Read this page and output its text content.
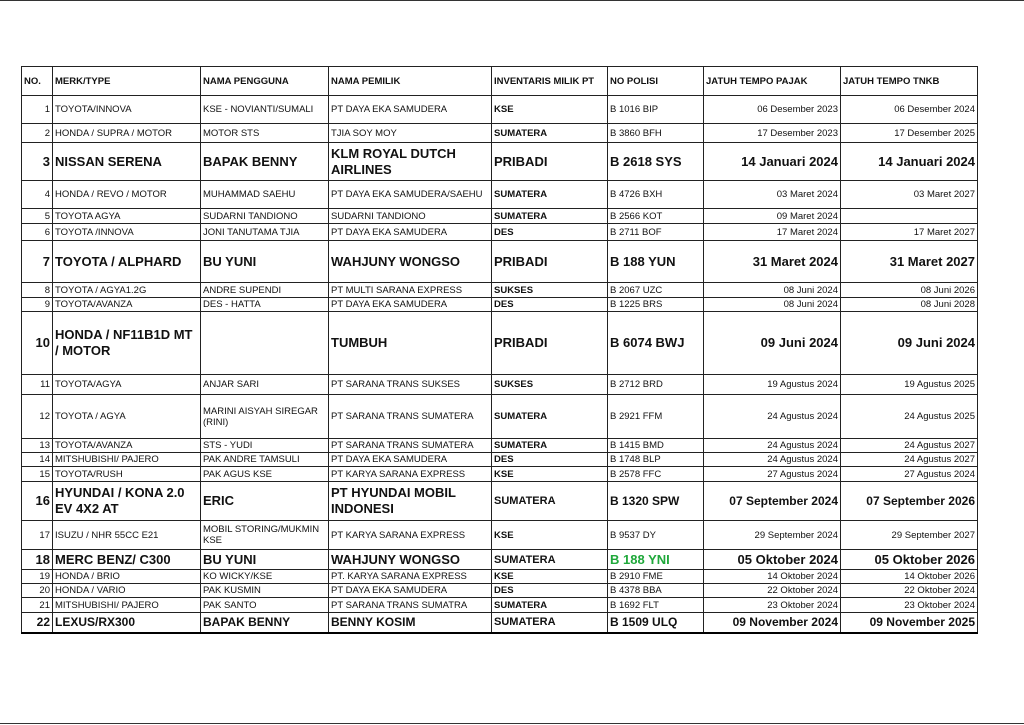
NO.	MERK/TYPE	NAMA PENGGUNA	NAMA PEMILIK	INVENTARIS MILIK PT	NO POLISI	JATUH TEMPO PAJAK	JATUH TEMPO TNKB
1	TOYOTA/INNOVA	KSE - NOVIANTI/SUMALI	PT DAYA EKA SAMUDERA	KSE	B 1016 BIP	06 Desember 2023	06 Desember 2024
2	HONDA / SUPRA / MOTOR	MOTOR STS	TJIA SOY MOY	SUMATERA	B 3860 BFH	17 Desember 2023	17 Desember 2025
3	NISSAN SERENA	BAPAK BENNY	KLM ROYAL DUTCH AIRLINES	PRIBADI	B 2618 SYS	14 Januari 2024	14 Januari 2024
4	HONDA / REVO / MOTOR	MUHAMMAD SAEHU	PT DAYA EKA SAMUDERA/SAEHU	SUMATERA	B 4726 BXH	03 Maret 2024	03 Maret 2027
5	TOYOTA AGYA	SUDARNI TANDIONO	SUDARNI TANDIONO	SUMATERA	B 2566 KOT	09 Maret 2024	
6	TOYOTA /INNOVA	JONI TANUTAMA TJIA	PT DAYA EKA SAMUDERA	DES	B 2711 BOF	17 Maret 2024	17 Maret 2027
7	TOYOTA / ALPHARD	BU YUNI	WAHJUNY WONGSO	PRIBADI	B 188 YUN	31 Maret 2024	31 Maret 2027
8	TOYOTA / AGYA1.2G	ANDRE SUPENDI	PT MULTI SARANA EXPRESS	SUKSES	B 2067 UZC	08 Juni 2024	08 Juni 2026
9	TOYOTA/AVANZA	DES - HATTA	PT DAYA EKA SAMUDERA	DES	B 1225 BRS	08 Juni 2024	08 Juni 2028
10	HONDA / NF11B1D MT / MOTOR		TUMBUH	PRIBADI	B 6074 BWJ	09 Juni 2024	09 Juni 2024
11	TOYOTA/AGYA	ANJAR SARI	PT SARANA TRANS SUKSES	SUKSES	B 2712 BRD	19 Agustus 2024	19 Agustus 2025
12	TOYOTA / AGYA	MARINI AISYAH SIREGAR (RINI)	PT SARANA TRANS SUMATERA	SUMATERA	B 2921 FFM	24 Agustus 2024	24 Agustus 2025
13	TOYOTA/AVANZA	STS - YUDI	PT SARANA TRANS SUMATERA	SUMATERA	B 1415 BMD	24 Agustus 2024	24 Agustus 2027
14	MITSHUBISHI/ PAJERO	PAK ANDRE TAMSULI	PT DAYA EKA SAMUDERA	DES	B 1748 BLP	24 Agustus 2024	24 Agustus 2027
15	TOYOTA/RUSH	PAK AGUS KSE	PT KARYA SARANA EXPRESS	KSE	B 2578 FFC	27 Agustus 2024	27 Agustus 2024
16	HYUNDAI / KONA 2.0 EV 4X2 AT	ERIC	PT HYUNDAI MOBIL INDONESI	SUMATERA	B 1320 SPW	07 September 2024	07 September 2026
17	ISUZU / NHR 55CC E21	MOBIL STORING/MUKMIN KSE	PT KARYA SARANA EXPRESS	KSE	B 9537 DY	29 September 2024	29 September 2027
18	MERC BENZ/ C300	BU YUNI	WAHJUNY WONGSO	SUMATERA	B 188 YNI	05 Oktober 2024	05 Oktober 2026
19	HONDA / BRIO	KO WICKY/KSE	PT. KARYA SARANA EXPRESS	KSE	B 2910 FME	14 Oktober 2024	14 Oktober 2026
20	HONDA / VARIO	PAK KUSMIN	PT DAYA EKA SAMUDERA	DES	B 4378 BBA	22 Oktober 2024	22 Oktober 2024
21	MITSHUBISHI/ PAJERO	PAK SANTO	PT SARANA TRANS SUMATRA	SUMATERA	B 1692 FLT	23 Oktober 2024	23 Oktober 2024
22	LEXUS/RX300	BAPAK BENNY	BENNY KOSIM	SUMATERA	B 1509 ULQ	09 November 2024	09 November 2025
